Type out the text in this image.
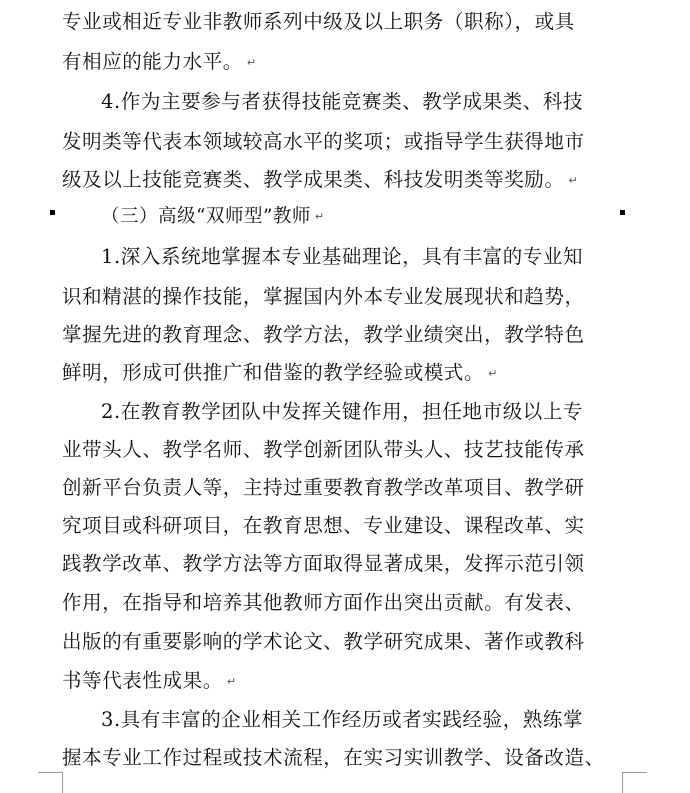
专业或相近专业非教师系列中级及以上职务（职称），或具
有相应的能力水平。 ↵
4.作为主要参与者获得技能竞赛类、教学成果类、科技
发明类等代表本领域较高水平的奖项；或指导学生获得地市
级及以上技能竞赛类、教学成果类、科技发明类等奖励。 ↵
（三）高级“双师型”教师 ↵
1.深入系统地掌握本专业基础理论，具有丰富的专业知
识和精湛的操作技能，掌握国内外本专业发展现状和趋势，
掌握先进的教育理念、教学方法，教学业绩突出，教学特色
鲜明，形成可供推广和借鉴的教学经验或模式。 ↵
2.在教育教学团队中发挥关键作用，担任地市级以上专
业带头人、教学名师、教学创新团队带头人、技艺技能传承
创新平台负责人等，主持过重要教育教学改革项目、教学研
究项目或科研项目，在教育思想、专业建设、课程改革、实
践教学改革、教学方法等方面取得显著成果，发挥示范引领
作用，在指导和培养其他教师方面作出突出贡献。有发表、
出版的有重要影响的学术论文、教学研究成果、著作或教科
书等代表性成果。 ↵
3.具有丰富的企业相关工作经历或者实践经验，熟练掌
握本专业工作过程或技术流程，在实习实训教学、设备改造、
